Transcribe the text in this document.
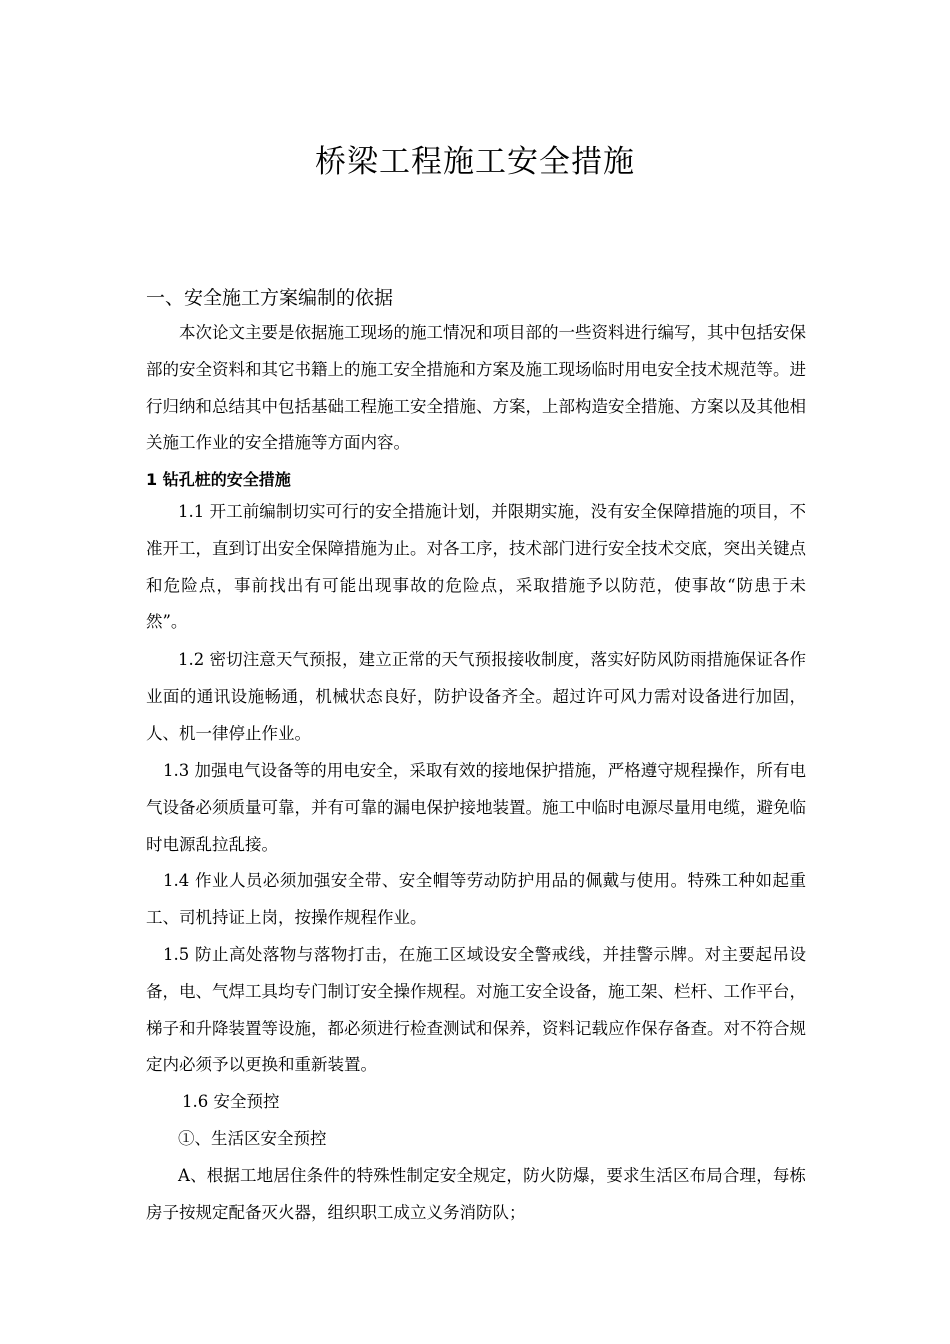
桥梁工程施工安全措施
一、安全施工方案编制的依据
本次论文主要是依据施工现场的施工情况和项目部的一些资料进行编写，其中包括安保部的安全资料和其它书籍上的施工安全措施和方案及施工现场临时用电安全技术规范等。进行归纳和总结其中包括基础工程施工安全措施、方案，上部构造安全措施、方案以及其他相关施工作业的安全措施等方面内容。
1 钻孔桩的安全措施
1.1 开工前编制切实可行的安全措施计划，并限期实施，没有安全保障措施的项目，不准开工，直到订出安全保障措施为止。对各工序，技术部门进行安全技术交底，突出关键点和危险点，事前找出有可能出现事故的危险点，采取措施予以防范，使事故“防患于未然”。
1.2 密切注意天气预报，建立正常的天气预报接收制度，落实好防风防雨措施保证各作业面的通讯设施畅通，机械状态良好，防护设备齐全。超过许可风力需对设备进行加固，人、机一律停止作业。
1.3 加强电气设备等的用电安全，采取有效的接地保护措施，严格遵守规程操作，所有电气设备必须质量可靠，并有可靠的漏电保护接地装置。施工中临时电源尽量用电缆，避免临时电源乱拉乱接。
1.4 作业人员必须加强安全带、安全帽等劳动防护用品的佩戴与使用。特殊工种如起重工、司机持证上岗，按操作规程作业。
1.5 防止高处落物与落物打击，在施工区域设安全警戒线，并挂警示牌。对主要起吊设备，电、气焊工具均专门制订安全操作规程。对施工安全设备，施工架、栏杆、工作平台，梯子和升降装置等设施，都必须进行检查测试和保养，资料记载应作保存备查。对不符合规定内必须予以更换和重新装置。
1.6 安全预控
①、生活区安全预控
A、根据工地居住条件的特殊性制定安全规定，防火防爆，要求生活区布局合理，每栋房子按规定配备灭火器，组织职工成立义务消防队；
